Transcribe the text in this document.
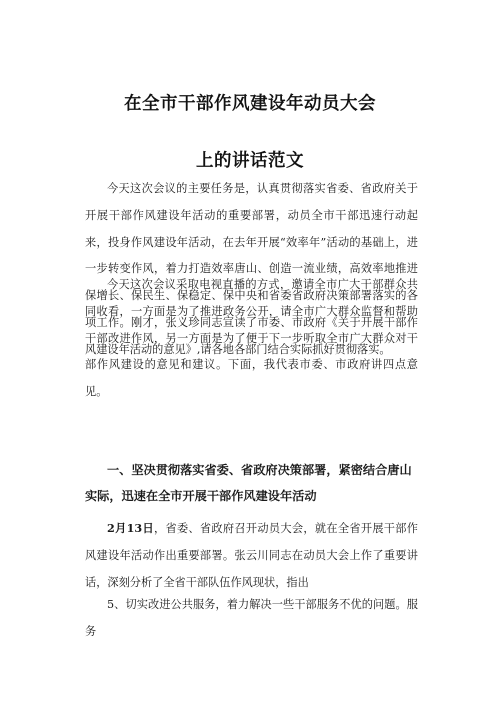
在全市干部作风建设年动员大会
上的讲话范文

今天这次会议的主要任务是，认真贯彻落实省委、省政府关于开展干部作风建设年活动的重要部署，动员全市干部迅速行动起来，投身作风建设年活动，在去年开展“效率年”活动的基础上，进一步转变作风，着力打造效率唐山、创造一流业绩，高效率地推进保增长、保民生、保稳定、保中央和省委省政府决策部署落实的各项工作。刚才，张义珍同志宣读了市委、市政府《关于开展干部作风建设年活动的意见》,请各地各部门结合实际抓好贯彻落实。

今天这次会议采取电视直播的方式，邀请全市广大干部群众共同收看，一方面是为了推进政务公开，请全市广大群众监督和帮助干部改进作风，另一方面是为了便于下一步听取全市广大群众对干部作风建设的意见和建议。下面，我代表市委、市政府讲四点意见。

一、坚决贯彻落实省委、省政府决策部署，紧密结合唐山实际，迅速在全市开展干部作风建设年活动

2月13日，省委、省政府召开动员大会，就在全省开展干部作风建设年活动作出重要部署。张云川同志在动员大会上作了重要讲话，深刻分析了全省干部队伍作风现状，指出

5、切实改进公共服务，着力解决一些干部服务不优的问题。服务
